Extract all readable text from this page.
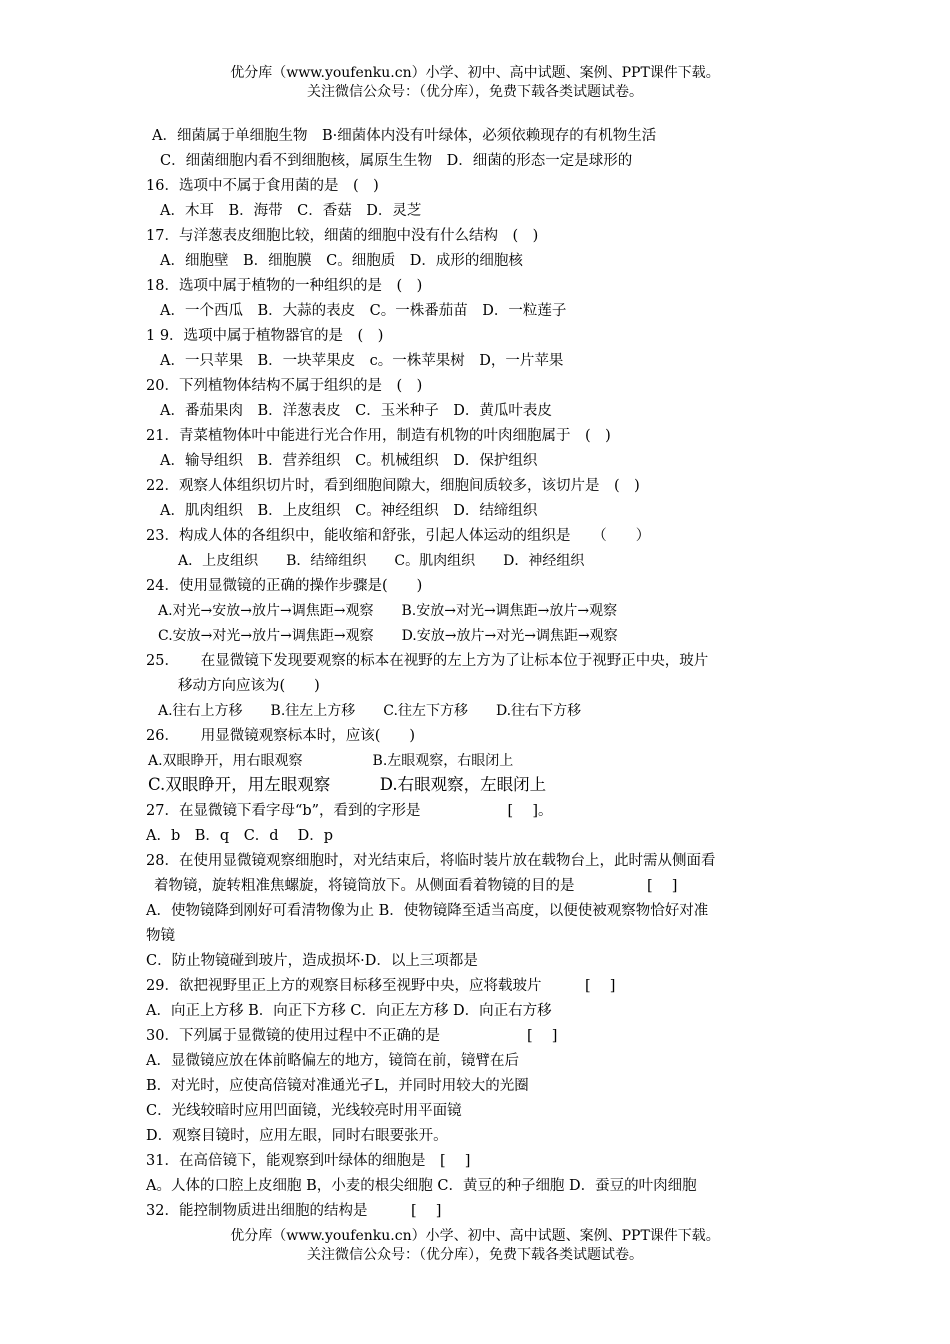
优分库（www.youfenku.cn）小学、初中、高中试题、案例、PPT课件下载。
关注微信公众号：（优分库），免费下载各类试题试卷。
A．细菌属于单细胞生物　B·细菌体内没有叶绿体，必须依赖现存的有机物生活
C．细菌细胞内看不到细胞核，属原生生物　D．细菌的形态一定是球形的
16．选项中不属于食用菌的是　(　)
A．木耳　B．海带　C．香菇　D．灵芝
17．与洋葱表皮细胞比较，细菌的细胞中没有什么结构　(　)
A．细胞壁　B．细胞膜　C。细胞质　D．成形的细胞核
18．选项中属于植物的一种组织的是　(　)
A．一个西瓜　B．大蒜的表皮　C。一株番茄苗　D．一粒莲子
1 9．选项中属于植物器官的是　(　)
A．一只苹果　B．一块苹果皮　c。一株苹果树　D，一片苹果
20．下列植物体结构不属于组织的是　(　)
A．番茄果肉　B．洋葱表皮　C．玉米种子　D．黄瓜叶表皮
21．青菜植物体叶中能进行光合作用，制造有机物的叶肉细胞属于　(　)
A．输导组织　B．营养组织　C。机械组织　D．保护组织
22．观察人体组织切片时，看到细胞间隙大，细胞间质较多，该切片是　(　)
A．肌肉组织　B．上皮组织　C。神经组织　D．结缔组织
23．构成人体的各组织中，能收缩和舒张，引起人体运动的组织是　　（　　）
A．上皮组织　　B．结缔组织　　C。肌肉组织　　D．神经组织
24．使用显微镜的正确的操作步骤是(　　)
A.对光→安放→放片→调焦距→观察　　B.安放→对光→调焦距→放片→观察
C.安放→对光→放片→调焦距→观察　　D.安放→放片→对光→调焦距→观察
25．　　在显微镜下发现要观察的标本在视野的左上方为了让标本位于视野正中央，玻片
移动方向应该为(　　)
A.往右上方移　　B.往左上方移　　C.往左下方移　　D.往右下方移
26．　　用显微镜观察标本时，应该(　　)
A.双眼睁开，用右眼观察　　　　　B.左眼观察，右眼闭上
C.双眼睁开，用左眼观察　　　D.右眼观察，左眼闭上
27．在显微镜下看字母“b”，看到的字形是　　　　　　[　 ]。
A．b　B．q　C．d　 D．p
28．在使用显微镜观察细胞时，对光结束后，将临时装片放在载物台上，此时需从侧面看
着物镜，旋转粗准焦螺旋，将镜筒放下。从侧面看着物镜的目的是　　　　　[　 ]
A．使物镜降到刚好可看清物像为止 B．使物镜降至适当高度，以便使被观察物恰好对准
物镜
C．防止物镜碰到玻片，造成损坏·D．以上三项都是
29．欲把视野里正上方的观察目标移至视野中央，应将载玻片　　　[　 ]
A．向正上方移 B．向正下方移 C．向正左方移 D．向正右方移
30．下列属于显微镜的使用过程中不正确的是　　　　　　[　 ]
A．显微镜应放在体前略偏左的地方，镜筒在前，镜臂在后
B．对光时，应使高倍镜对准通光孑L，并同时用较大的光圈
C．光线较暗时应用凹面镜，光线较亮时用平面镜
D．观察目镜时，应用左眼，同时右眼要张开。
31．在高倍镜下，能观察到叶绿体的细胞是　[　 ]
A。人体的口腔上皮细胞 B，小麦的根尖细胞 C．黄豆的种子细胞 D．蚕豆的叶肉细胞
32．能控制物质进出细胞的结构是　　　[　 ]
优分库（www.youfenku.cn）小学、初中、高中试题、案例、PPT课件下载。
关注微信公众号：（优分库），免费下载各类试题试卷。
